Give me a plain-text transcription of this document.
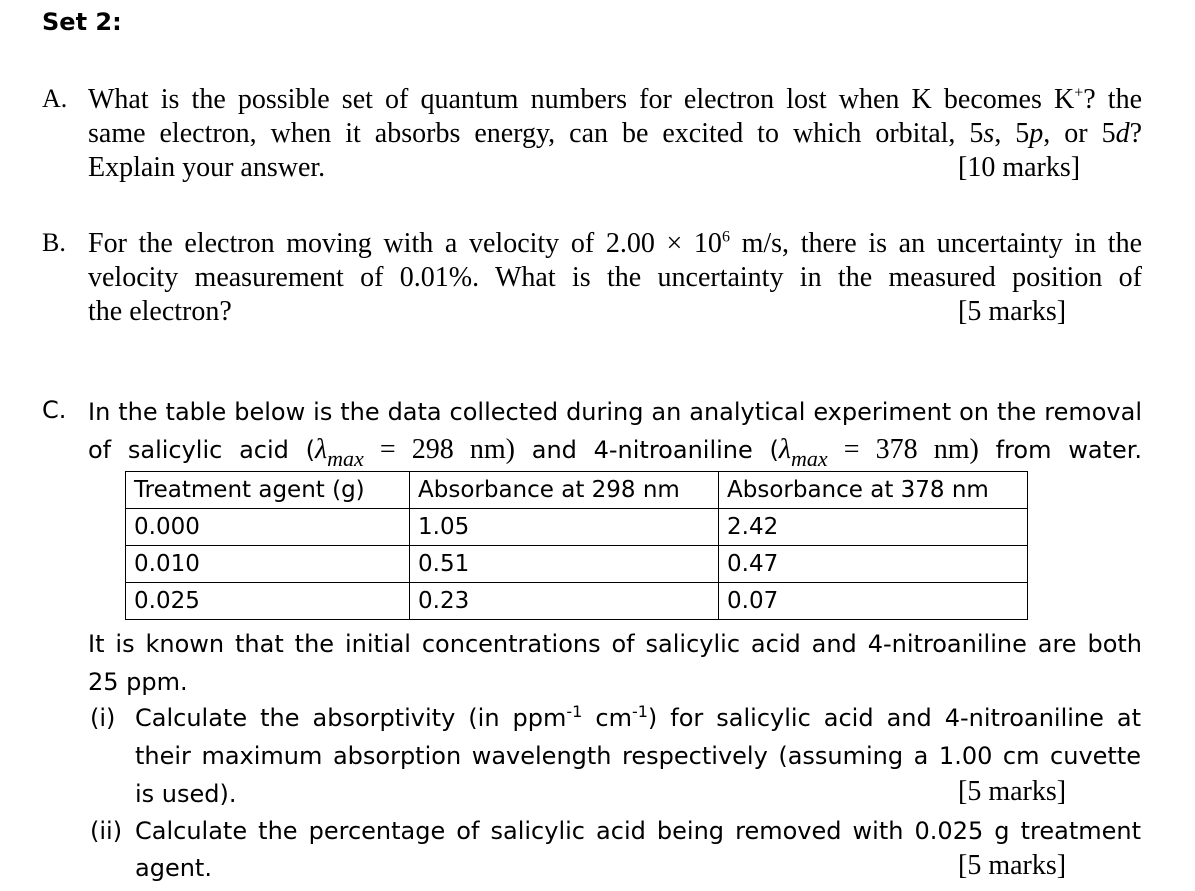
Set 2:
A. What is the possible set of quantum numbers for electron lost when K becomes K+? the
same electron, when it absorbs energy, can be excited to which orbital, 5s, 5p, or 5d?
Explain your answer.	[10 marks]
B. For the electron moving with a velocity of $2.00 \times 10^6$ m/s, there is an uncertainty in the
velocity measurement of 0.01%. What is the uncertainty in the measured position of
the electron?	[5 marks]
C. In the table below is the data collected during an analytical experiment on the removal
of salicylic acid ($\lambda_{max} = 298$ nm) and 4-nitroaniline ($\lambda_{max} = 378$ nm) from water.
Treatment agent (g)	Absorbance at 298 nm	Absorbance at 378 nm
0.000	1.05	2.42
0.010	0.51	0.47
0.025	0.23	0.07
It is known that the initial concentrations of salicylic acid and 4-nitroaniline are both
25 ppm.
(i) Calculate the absorptivity (in ppm$^{-1}$ $cm^{-1}$) for salicylic acid and 4-nitroaniline at
their maximum absorption wavelength respectively (assuming a 1.00 cm cuvette
is used).	[5 marks]
(ii) Calculate the percentage of salicylic acid being removed with 0.025 g treatment
agent.	[5 marks]
